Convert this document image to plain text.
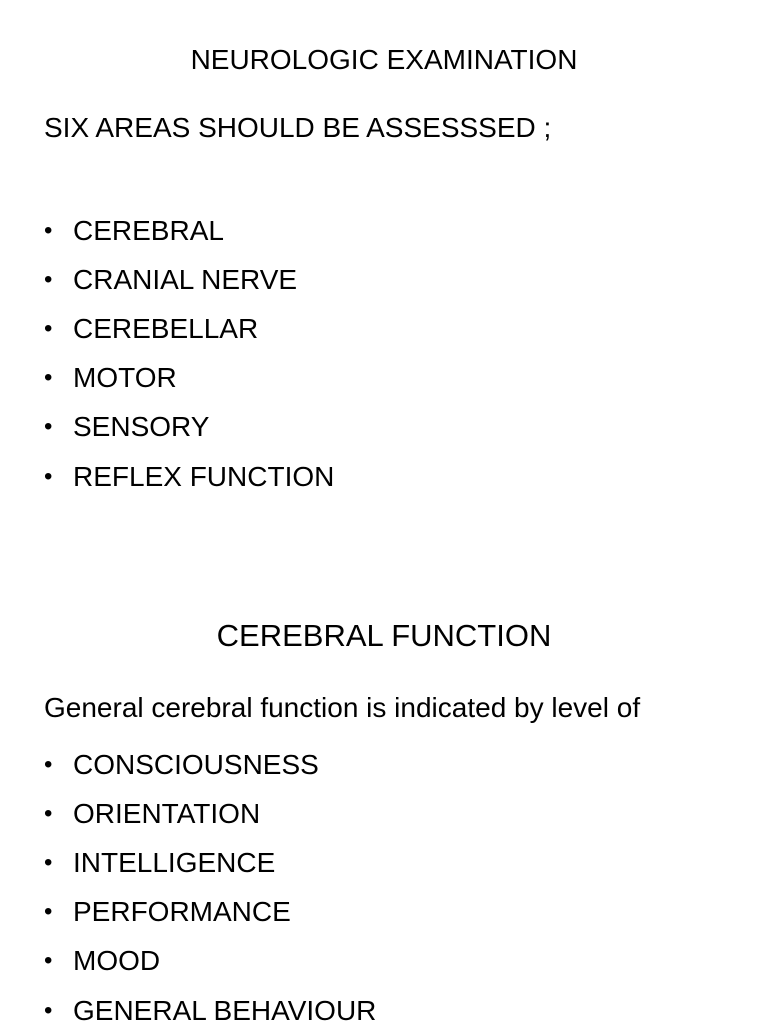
NEUROLOGIC EXAMINATION
SIX AREAS SHOULD BE ASSESSSED ;
• CEREBRAL
• CRANIAL NERVE
• CEREBELLAR
• MOTOR
• SENSORY
• REFLEX FUNCTION
CEREBRAL FUNCTION
General cerebral function is indicated by level of
• CONSCIOUSNESS
• ORIENTATION
• INTELLIGENCE
• PERFORMANCE
• MOOD
• GENERAL BEHAVIOUR
